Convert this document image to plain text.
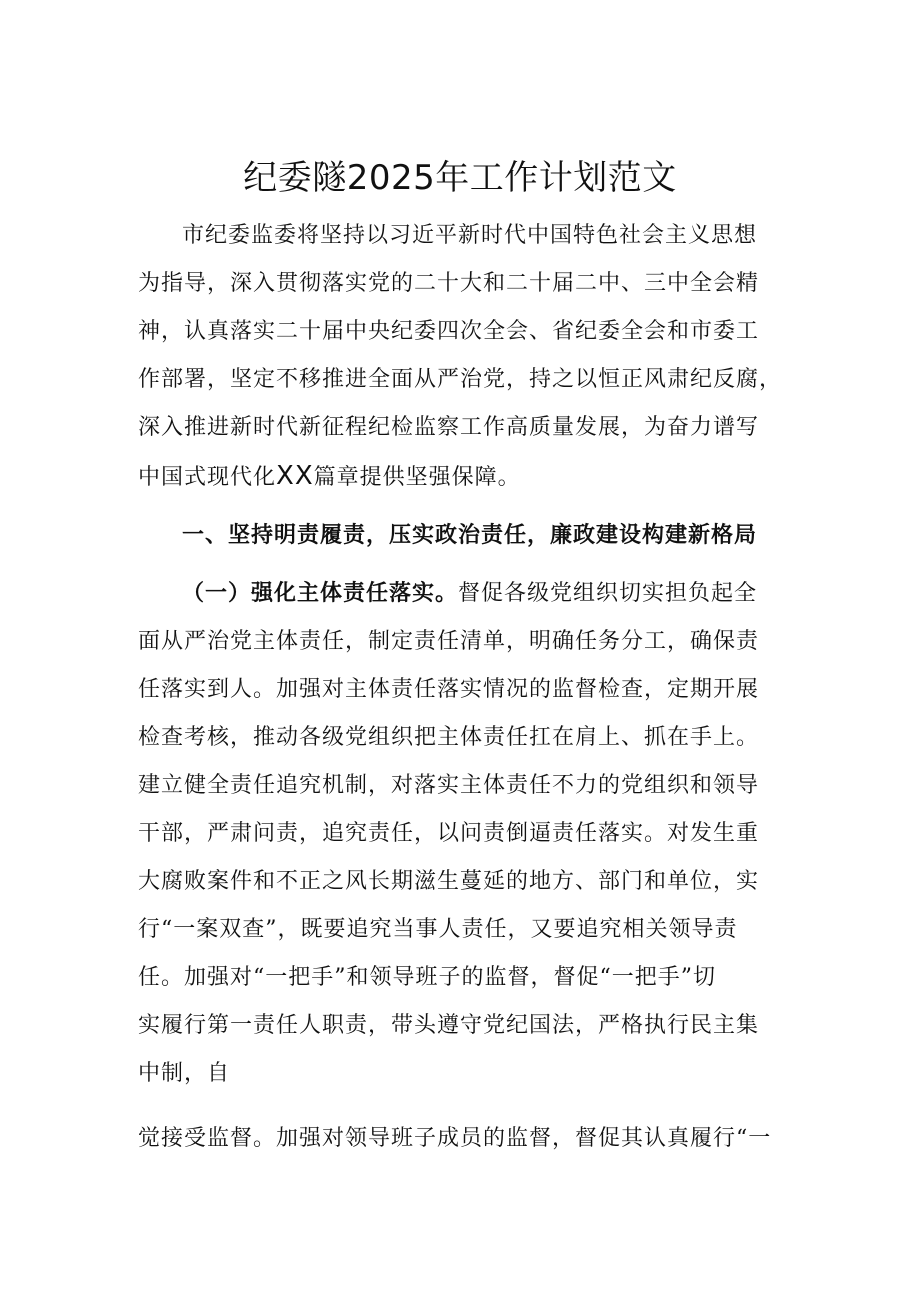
纪委隧2025年工作计划范文
市纪委监委将坚持以习近平新时代中国特色社会主义思想
为指导，深入贯彻落实党的二十大和二十届二中、三中全会精
神，认真落实二十届中央纪委四次全会、省纪委全会和市委工
作部署，坚定不移推进全面从严治党，持之以恒正风肃纪反腐，
深入推进新时代新征程纪检监察工作高质量发展，为奋力谱写
中国式现代化XX篇章提供坚强保障。
一、坚持明责履责，压实政治责任，廉政建设构建新格局
（一）强化主体责任落实。督促各级党组织切实担负起全
面从严治党主体责任，制定责任清单，明确任务分工，确保责
任落实到人。加强对主体责任落实情况的监督检查，定期开展
检查考核，推动各级党组织把主体责任扛在肩上、抓在手上。
建立健全责任追究机制，对落实主体责任不力的党组织和领导
干部，严肃问责，追究责任，以问责倒逼责任落实。对发生重
大腐败案件和不正之风长期滋生蔓延的地方、部门和单位，实
行“一案双查”，既要追究当事人责任，又要追究相关领导责
任。加强对“一把手”和领导班子的监督，督促“一把手”切
实履行第一责任人职责，带头遵守党纪国法，严格执行民主集
中制，自
觉接受监督。加强对领导班子成员的监督，督促其认真履行“一
